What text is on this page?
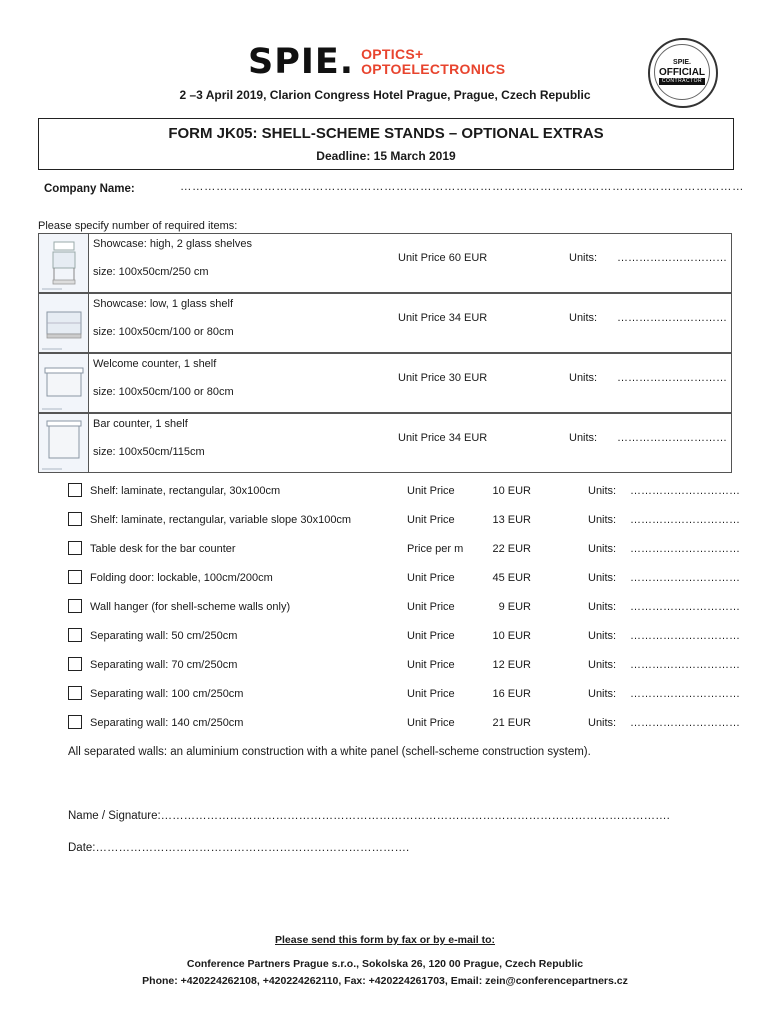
SPIE . OPTICS+
OPTOELECTRONICS	SPIE.
OFFICIAL
CONTRACTOR
2 –3 April 2019, Clarion Congress Hotel Prague, Prague, Czech Republic
FORM JK05: SHELL-SCHEME STANDS – OPTIONAL EXTRAS
Deadline: 15 March 2019
Company Name:	……………………………………………………………………………………………………………………………
Please specify number of required items:
Showcase: high, 2 glass shelves
size: 100x50cm/250 cm
Unit Price 60 EUR	Units: …………………………
Showcase: low, 1 glass shelf
size: 100x50cm/100 or 80cm
Unit Price 34 EUR	Units: …………………………
Welcome counter, 1 shelf
size: 100x50cm/100 or 80cm
Unit Price 30 EUR	Units: …………………………
Bar counter, 1 shelf
size: 100x50cm/115cm
Unit Price 34 EUR	Units: …………………………
Shelf: laminate, rectangular, 30x100cm	Unit Price	10 EUR	Units: …………………………
Shelf: laminate, rectangular, variable slope 30x100cm	Unit Price	13 EUR	Units: …………………………
Table desk for the bar counter	Price per m	22 EUR	Units: …………………………
Folding door: lockable, 100cm/200cm	Unit Price	45 EUR	Units: …………………………
Wall hanger (for shell-scheme walls only)	Unit Price	9 EUR	Units: …………………………
Separating wall: 50 cm/250cm	Unit Price	10 EUR	Units: …………………………
Separating wall: 70 cm/250cm	Unit Price	12 EUR	Units: …………………………
Separating wall: 100 cm/250cm	Unit Price	16 EUR	Units: …………………………
Separating wall: 140 cm/250cm	Unit Price	21 EUR	Units: …………………………
All separated walls: an aluminium construction with a white panel (schell-scheme construction system).
Name / Signature:…………………………………………………………………………………………………………………….
Date:……………………………………………………………………….
Please send this form by fax or by e-mail to:
Conference Partners Prague s.r.o., Sokolska 26, 120 00 Prague, Czech Republic
Phone: +420224262108, +420224262110, Fax: +420224261703, Email: zein@conferencepartners.cz
